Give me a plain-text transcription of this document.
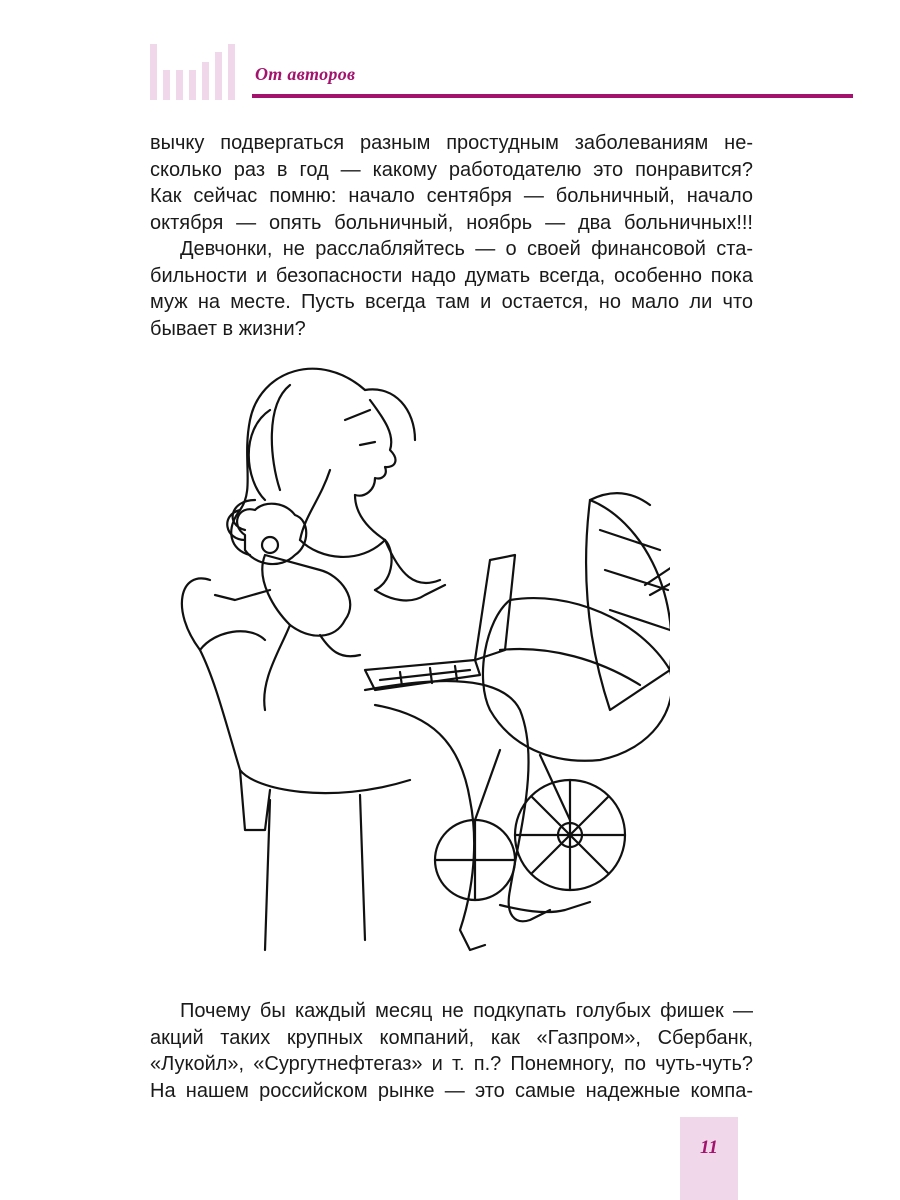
От авторов
вычку подвергаться разным простудным заболеваниям не-
сколько раз в год — какому работодателю это понравится?
Как сейчас помню: начало сентября — больничный, начало
октября — опять больничный, ноябрь — два больничных!!!
Девчонки, не расслабляйтесь — о своей финансовой ста-
бильности и безопасности надо думать всегда, особенно пока
муж на месте. Пусть всегда там и остается, но мало ли что
бывает в жизни?
Почему бы каждый месяц не подкупать голубых фишек —
акций таких крупных компаний, как «Газпром», Сбербанк,
«Лукойл», «Сургутнефтегаз» и т. п.? Понемногу, по чуть-чуть?
На нашем российском рынке — это самые надежные компа-
11
